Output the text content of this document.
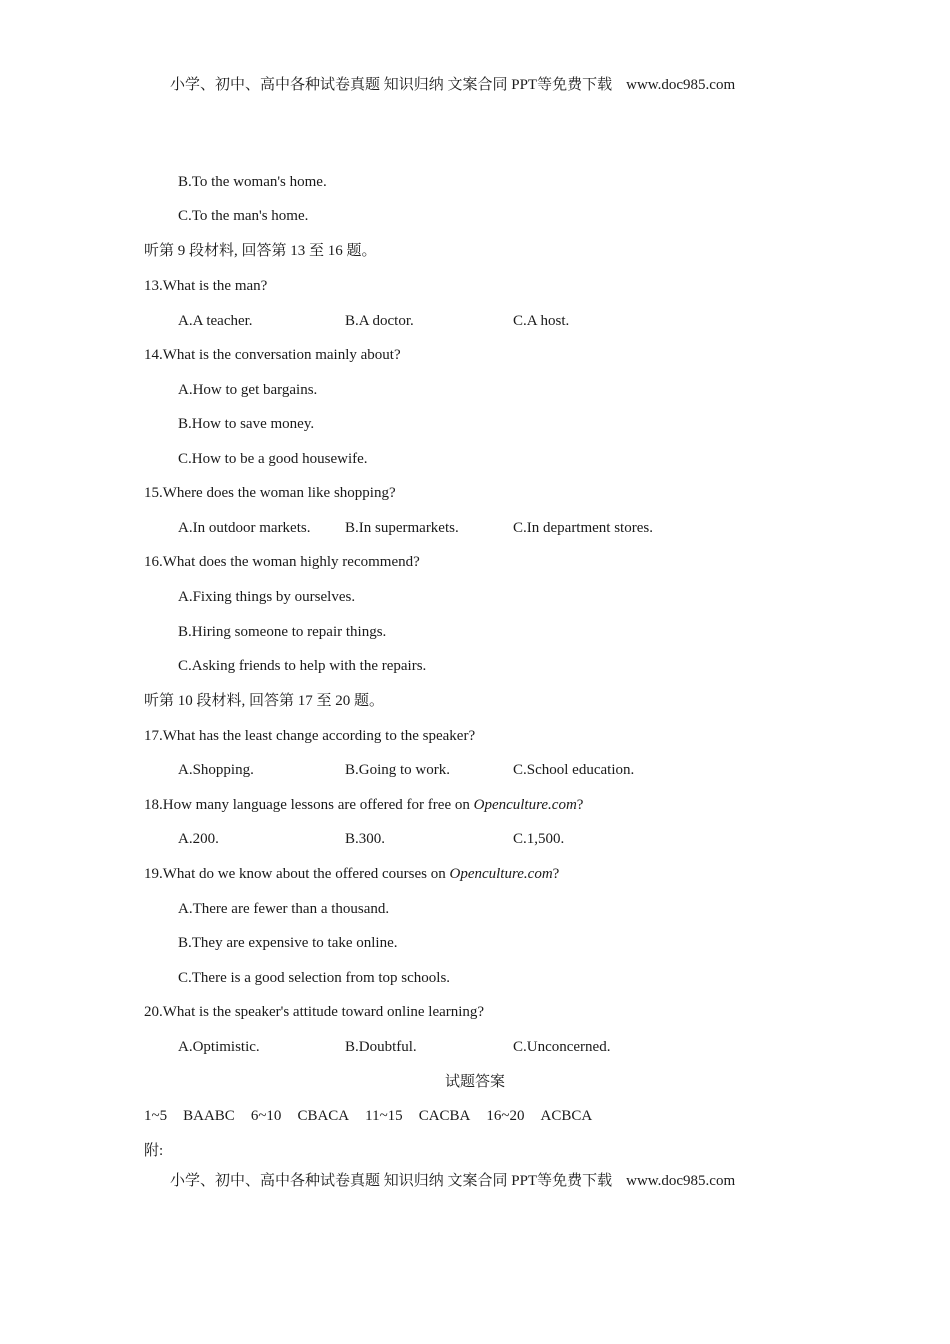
小学、初中、高中各种试卷真题 知识归纳 文案合同 PPT等免费下载 www.doc985.com
B.To the woman's home.
C.To the man's home.
听第 9 段材料, 回答第 13 至 16 题。
13.What is the man?
A.A teacher.	B.A doctor.	C.A host.
14.What is the conversation mainly about?
A.How to get bargains.
B.How to save money.
C.How to be a good housewife.
15.Where does the woman like shopping?
A.In outdoor markets. B.In supermarkets.	C.In department stores.
16.What does the woman highly recommend?
A.Fixing things by ourselves.
B.Hiring someone to repair things.
C.Asking friends to help with the repairs.
听第 10 段材料, 回答第 17 至 20 题。
17.What has the least change according to the speaker?
A.Shopping.	B.Going to work.	C.School education.
18.How many language lessons are offered for free on Openculture.com?
A.200.	B.300.	C.1,500.
19.What do we know about the offered courses on Openculture.com?
A.There are fewer than a thousand.
B.They are expensive to take online.
C.There is a good selection from top schools.
20.What is the speaker's attitude toward online learning?
A.Optimistic.	B.Doubtful.	C.Unconcerned.
试题答案
1~5 BAABC 6~10 CBACA 11~15 CACBA 16~20 ACBCA
附:
小学、初中、高中各种试卷真题 知识归纳 文案合同 PPT等免费下载 www.doc985.com
